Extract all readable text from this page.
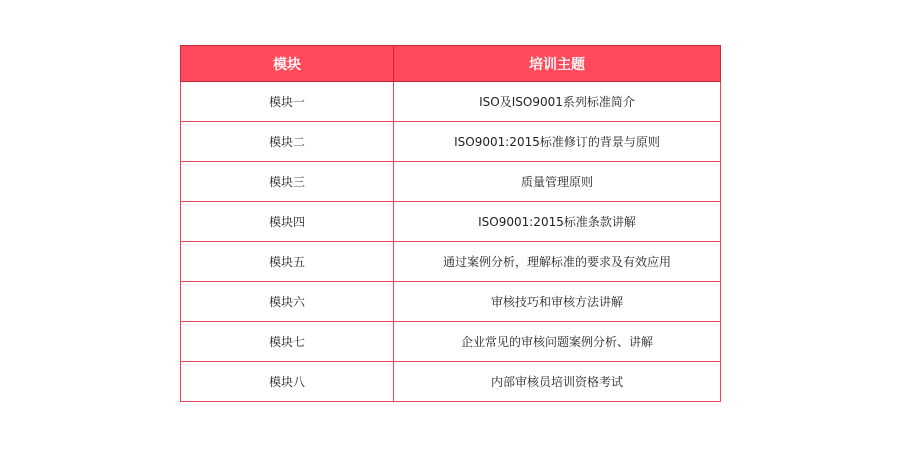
模块	培训主题
模块一	ISO及ISO9001系列标准简介
模块二	ISO9001:2015标准修订的背景与原则
模块三	质量管理原则
模块四	ISO9001:2015标准条款讲解
模块五	通过案例分析，理解标准的要求及有效应用
模块六	审核技巧和审核方法讲解
模块七	企业常见的审核问题案例分析、讲解
模块八	内部审核员培训资格考试
